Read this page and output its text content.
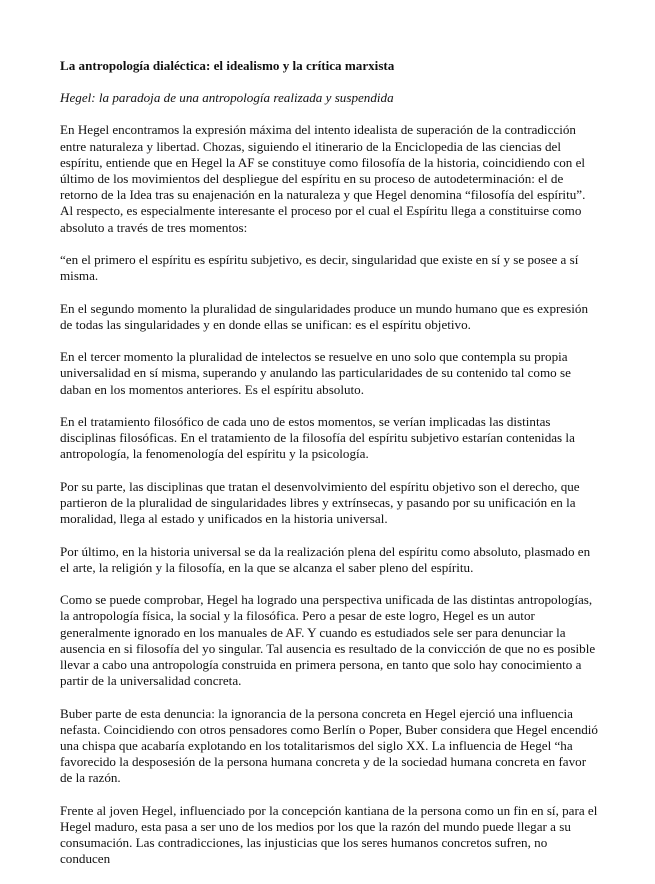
La antropología dialéctica: el idealismo y la crítica marxista
Hegel: la paradoja de una antropología realizada y suspendida
En Hegel encontramos la expresión máxima del intento idealista de superación de la contradicción entre naturaleza y libertad. Chozas, siguiendo el itinerario de la Enciclopedia de las ciencias del espíritu, entiende que en Hegel la AF se constituye como filosofía de la historia, coincidiendo con el último de los movimientos del despliegue del espíritu en su proceso de autodeterminación: el de retorno de la Idea tras su enajenación en la naturaleza y que Hegel denomina “filosofía del espíritu”. Al respecto, es especialmente interesante el proceso por el cual el Espíritu llega a constituirse como absoluto a través de tres momentos:
“en el primero el espíritu es espíritu subjetivo, es decir, singularidad que existe en sí y se posee a sí misma.
En el segundo momento la pluralidad de singularidades produce un mundo humano que es expresión de todas las singularidades y en donde ellas se unifican: es el espíritu objetivo.
En el tercer momento la pluralidad de intelectos se resuelve en uno solo que contempla su propia universalidad en sí misma, superando y anulando las particularidades de su contenido tal como se daban en los momentos anteriores. Es el espíritu absoluto.
En el tratamiento filosófico de cada uno de estos momentos, se verían implicadas las distintas disciplinas filosóficas. En el tratamiento de la filosofía del espíritu subjetivo estarían contenidas la antropología, la fenomenología del espíritu y la psicología.
Por su parte, las disciplinas que tratan el desenvolvimiento del espíritu objetivo son el derecho, que partieron de la pluralidad de singularidades libres y extrínsecas, y pasando por su unificación en la moralidad, llega al estado y unificados en la historia universal.
Por último, en la historia universal se da la realización plena del espíritu como absoluto, plasmado en el arte, la religión y la filosofía, en la que se alcanza el saber pleno del espíritu.
Como se puede comprobar, Hegel ha logrado una perspectiva unificada de las distintas antropologías, la antropología física, la social y la filosófica. Pero a pesar de este logro, Hegel es un autor generalmente ignorado en los manuales de AF. Y cuando es estudiados sele ser para denunciar la ausencia en si filosofía del yo singular. Tal ausencia es resultado de la convicción de que no es posible llevar a cabo una antropología construida en primera persona, en tanto que solo hay conocimiento a partir de la universalidad concreta.
Buber parte de esta denuncia: la ignorancia de la persona concreta en Hegel ejerció una influencia nefasta. Coincidiendo con otros pensadores como Berlín o Poper, Buber considera que Hegel encendió una chispa que acabaría explotando en los totalitarismos del siglo XX. La influencia de Hegel “ha favorecido la desposesión de la persona humana concreta y de la sociedad humana concreta en favor de la razón.
Frente al joven Hegel, influenciado por la concepción kantiana de la persona como un fin en sí, para el Hegel maduro, esta pasa a ser uno de los medios por los que la razón del mundo puede llegar a su consumación. Las contradicciones, las injusticias que los seres humanos concretos sufren, no conducen
